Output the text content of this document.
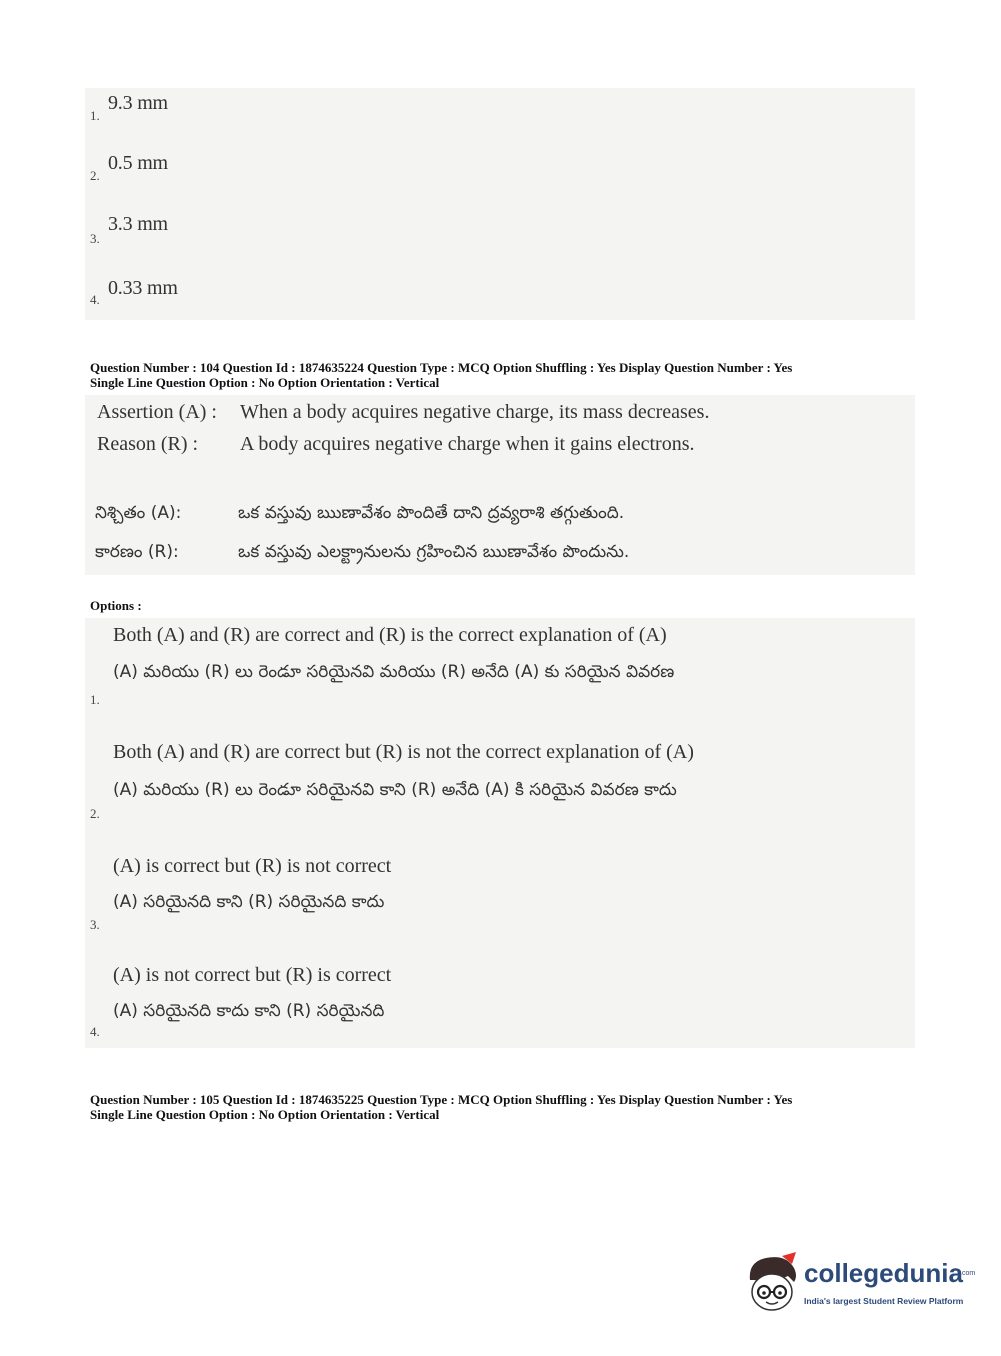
1.
9.3 mm
2.
0.5 mm
3.
3.3 mm
4.
0.33 mm
Question Number : 104 Question Id : 1874635224 Question Type : MCQ Option Shuffling : Yes Display Question Number : Yes
Single Line Question Option : No Option Orientation : Vertical
Assertion (A) : When a body acquires negative charge, its mass decreases.
Reason (R) : A body acquires negative charge when it gains electrons.
నిశ్చితం (A):	ఒక వస్తువు ఋణావేశం పొందితే దాని ద్రవ్యరాశి తగ్గుతుంది.
కారణం (R):	ఒక వస్తువు ఎలక్ట్రానులను గ్రహించిన ఋణావేశం పొందును.
Options :
Both (A) and (R) are correct and (R) is the correct explanation of (A)
(A) మరియు (R) లు రెండూ సరియైనవి మరియు (R) అనేది (A) కు సరియైన వివరణ
1.
Both (A) and (R) are correct but (R) is not the correct explanation of (A)
(A) మరియు (R) లు రెండూ సరియైనవి కాని (R) అనేది (A) కి సరియైన వివరణ కాదు
2.
(A) is correct but (R) is not correct
(A) సరియైనది కాని (R) సరియైనది కాదు
3.
(A) is not correct but (R) is correct
(A) సరియైనది కాదు కాని (R) సరియైనది
4.
Question Number : 105 Question Id : 1874635225 Question Type : MCQ Option Shuffling : Yes Display Question Number : Yes
Single Line Question Option : No Option Orientation : Vertical
collegedunia
.com
India's largest Student Review Platform
